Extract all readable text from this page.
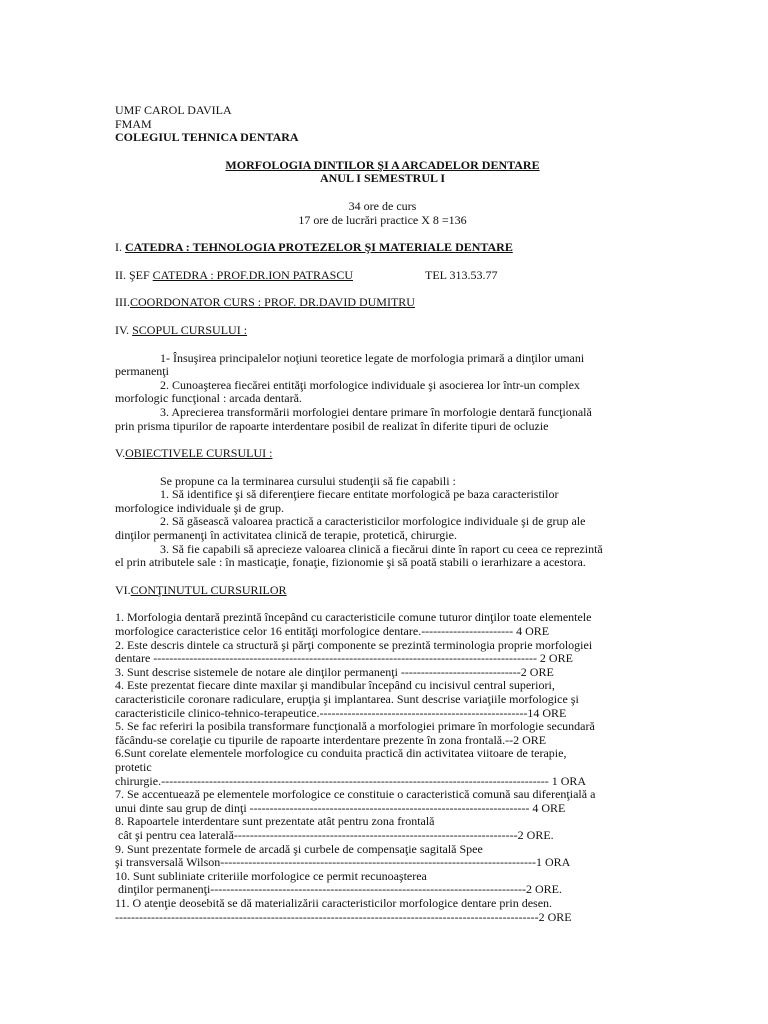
UMF CAROL DAVILA
FMAM
COLEGIUL TEHNICA DENTARA
MORFOLOGIA DINTILOR ŞI A ARCADELOR DENTARE
ANUL I SEMESTRUL I
34 ore de curs
17 ore de lucrări practice X 8 =136
I. CATEDRA : TEHNOLOGIA PROTEZELOR ŞI MATERIALE DENTARE
II. ŞEF CATEDRA : PROF.DR.ION PATRASCU	TEL 313.53.77
III.COORDONATOR CURS : PROF. DR.DAVID DUMITRU
IV. SCOPUL CURSULUI :
1- Însuşirea principalelor noţiuni teoretice legate de morfologia primară a dinţilor umani
permanenţi
2. Cunoaşterea fiecărei entităţi morfologice individuale şi asocierea lor într-un complex
morfologic funcţional : arcada dentară.
3. Aprecierea transformării morfologiei dentare primare în morfologie dentară funcţională
prin prisma tipurilor de rapoarte interdentare posibil de realizat în diferite tipuri de ocluzie
V.OBIECTIVELE CURSULUI :
Se propune ca la terminarea cursului studenţii să fie capabili :
1. Să identifice şi să diferenţiere fiecare entitate morfologică pe baza caracteristilor
morfologice individuale şi de grup.
2. Să găsească valoarea practică a caracteristicilor morfologice individuale şi de grup ale
dinţilor permanenţi în activitatea clinică de terapie, protetică, chirurgie.
3. Să fie capabili să aprecieze valoarea clinică a fiecărui dinte în raport cu ceea ce reprezintă
el prin atributele sale : în masticaţie, fonaţie, fizionomie şi să poată stabili o ierarhizare a acestora.
VI.CONŢINUTUL CURSURILOR
1. Morfologia dentară prezintă începând cu caracteristicile comune tuturor dinţilor toate elementele
morfologice caracteristice celor 16 entităţi morfologice dentare.----------------------- 4 ORE
2. Este descris dintele ca structură şi părţi componente se prezintă terminologia proprie morfologiei
dentare ------------------------------------------------------------------------------------------------ 2 ORE
3. Sunt descrise sistemele de notare ale dinţilor permanenţi ------------------------------2 ORE
4. Este prezentat fiecare dinte maxilar şi mandibular începând cu incisivul central superiori,
caracteristicile coronare radiculare, erupţia şi implantarea. Sunt descrise variaţiile morfologice şi
caracteristicile clinico-tehnico-terapeutice.----------------------------------------------------14 ORE
5. Se fac referiri la posibila transformare funcţională a morfologiei primare în morfologie secundară
făcându-se corelaţie cu tipurile de rapoarte interdentare prezente în zona frontală.--2 ORE
6.Sunt corelate elementele morfologice cu conduita practică din activitatea viitoare de terapie,
protetic
chirurgie.------------------------------------------------------------------------------------------------- 1 ORA
7. Se accentuează pe elementele morfologice ce constituie o caracteristică comună sau diferenţială a
unui dinte sau grup de dinţi ---------------------------------------------------------------------- 4 ORE
8. Rapoartele interdentare sunt prezentate atât pentru zona frontală
cât şi pentru cea laterală-----------------------------------------------------------------------2 ORE.
9. Sunt prezentate formele de arcadă şi curbele de compensaţie sagitală Spee
şi transversală Wilson-------------------------------------------------------------------------------1 ORA
10. Sunt subliniate criteriile morfologice ce permit recunoaşterea
dinţilor permanenţi-------------------------------------------------------------------------------2 ORE.
11. O atenţie deosebită se dă materializării caracteristicilor morfologice dentare prin desen.
----------------------------------------------------------------------------------------------------------2 ORE
